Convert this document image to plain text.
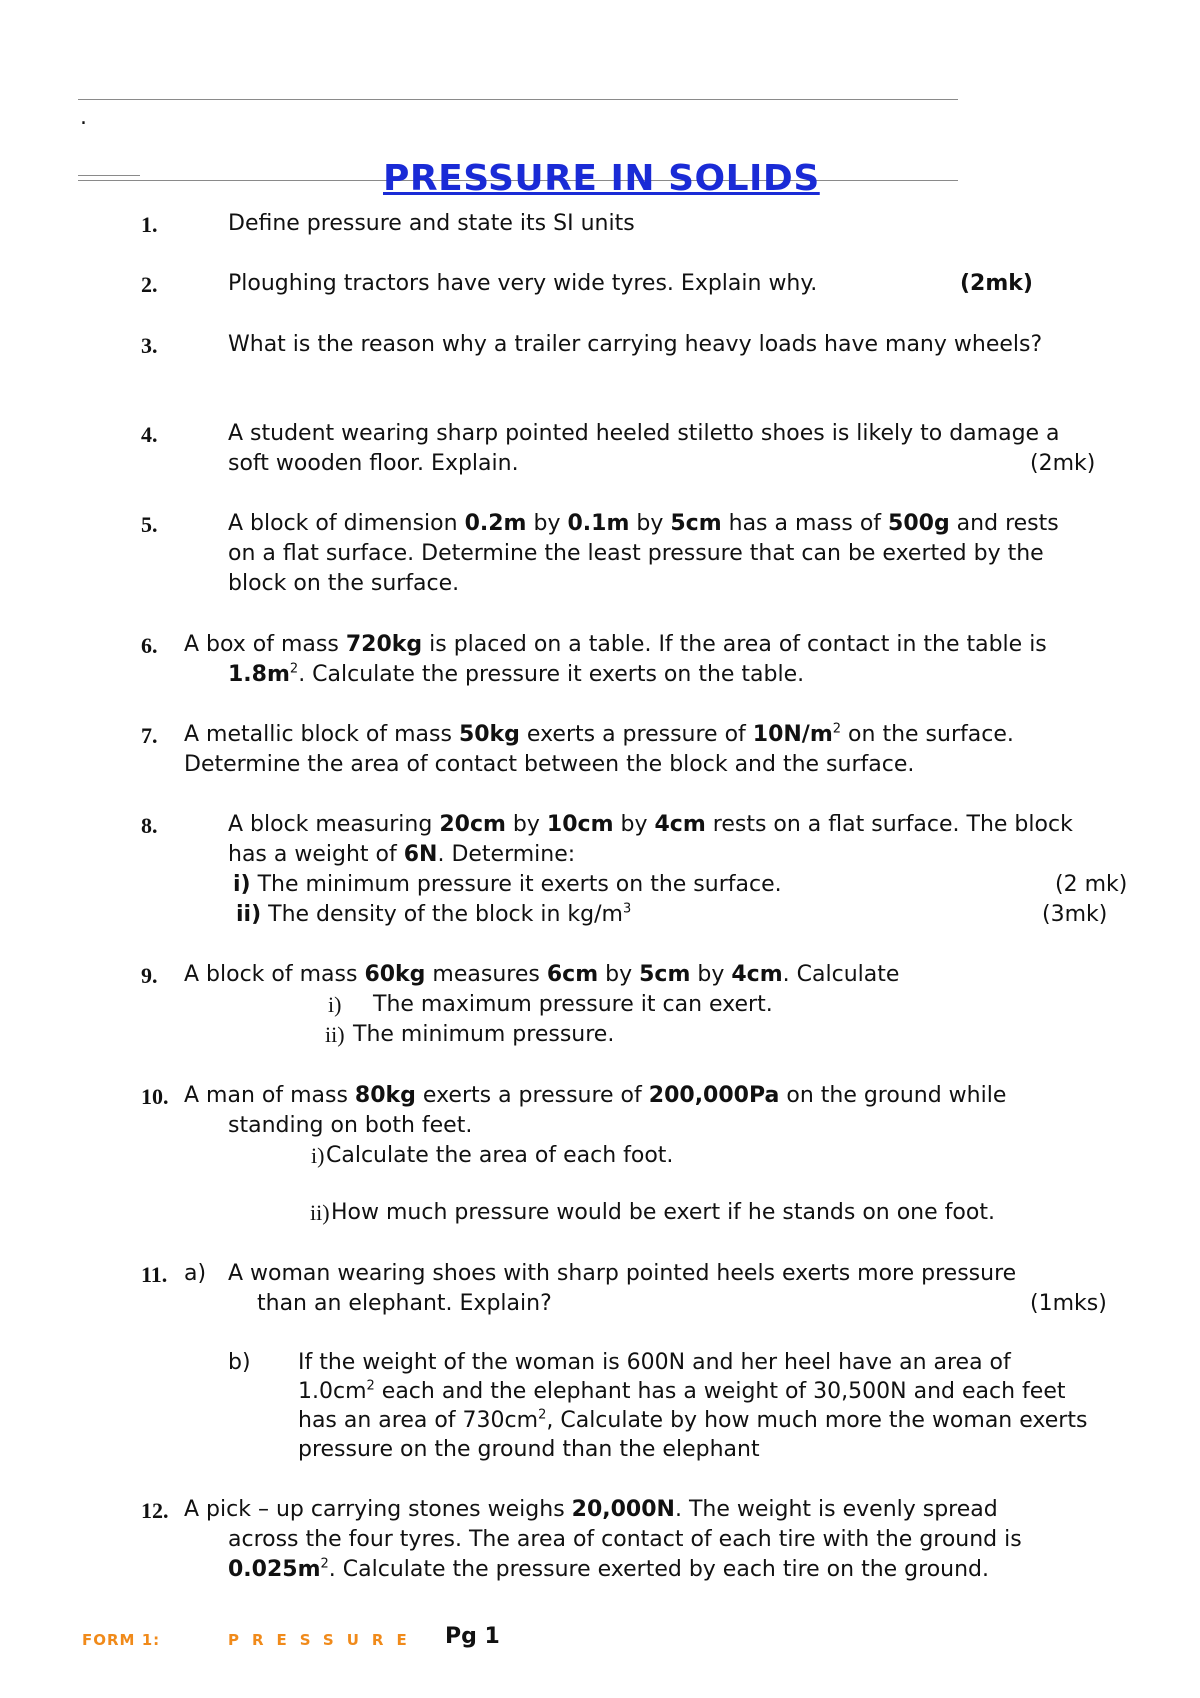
.
PRESSURE IN SOLIDS
1.	Define pressure and state its SI units
2.	Ploughing tractors have very wide tyres. Explain why.	(2mk)
3.	What is the reason why a trailer carrying heavy loads have many wheels?
4.	A student wearing sharp pointed heeled stiletto shoes is likely to damage a
soft wooden floor. Explain.	(2mk)
5.	A block of dimension 0.2m by 0.1m by 5cm has a mass of 500g and rests
on a flat surface. Determine the least pressure that can be exerted by the
block on the surface.
6. A box of mass 720kg is placed on a table. If the area of contact in the table is
$1.8m^2$. Calculate the pressure it exerts on the table.
7. A metallic block of mass 50kg exerts a pressure of $10N/m^2$ on the surface.
Determine the area of contact between the block and the surface.
8.	A block measuring 20cm by 10cm by 4cm rests on a flat surface. The block
has a weight of 6N. Determine:
i) The minimum pressure it exerts on the surface.	(2 mk)
ii) The density of the block in $kg/m^3$	(3mk)
9. A block of mass 60kg measures 6cm by 5cm by 4cm. Calculate
i) The maximum pressure it can exert.
ii) The minimum pressure.
10. A man of mass 80kg exerts a pressure of 200,000Pa on the ground while
standing on both feet.
i) Calculate the area of each foot.
ii) How much pressure would be exert if he stands on one foot.
11. a) A woman wearing shoes with sharp pointed heels exerts more pressure
than an elephant. Explain?	(1mks)
b) If the weight of the woman is 600N and her heel have an area of
$1.0cm^2$ each and the elephant has a weight of 30,500N and each feet
has an area of $730cm^2$, Calculate by how much more the woman exerts
pressure on the ground than the elephant
12. A pick – up carrying stones weighs 20,000N. The weight is evenly spread
across the four tyres. The area of contact of each tire with the ground is
$0.025m^2$. Calculate the pressure exerted by each tire on the ground.
FORM 1:	PRESSURE Pg 1
